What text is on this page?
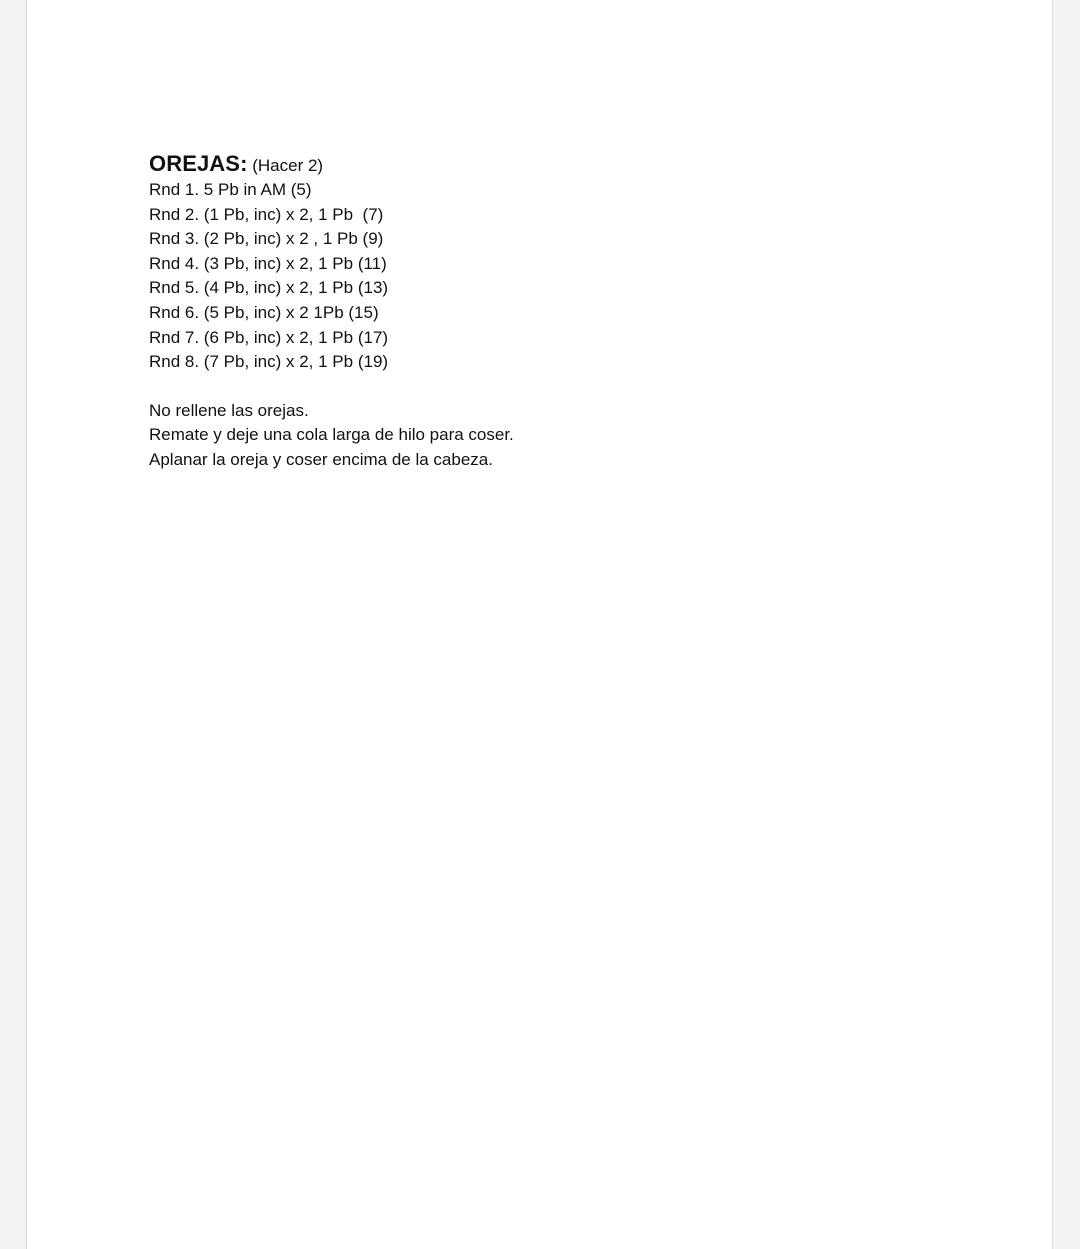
OREJAS: (Hacer 2)

Rnd 1. 5 Pb in AM (5)
Rnd 2. (1 Pb, inc) x 2, 1 Pb  (7)
Rnd 3. (2 Pb, inc) x 2 , 1 Pb (9)
Rnd 4. (3 Pb, inc) x 2, 1 Pb (11)
Rnd 5. (4 Pb, inc) x 2, 1 Pb (13)
Rnd 6. (5 Pb, inc) x 2 1Pb (15)
Rnd 7. (6 Pb, inc) x 2, 1 Pb (17)
Rnd 8. (7 Pb, inc) x 2, 1 Pb (19)

No rellene las orejas.

Remate y deje una cola larga de hilo para coser.

Aplanar la oreja y coser encima de la cabeza.
